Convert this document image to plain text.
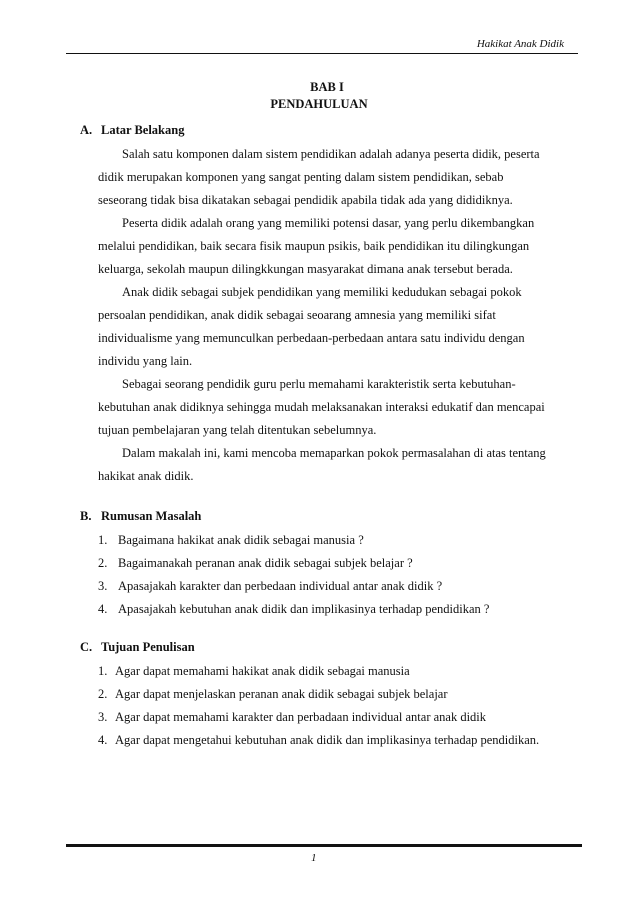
Hakikat Anak Didik
BAB I
PENDAHULUAN
A. Latar Belakang
Salah satu komponen dalam sistem pendidikan adalah adanya peserta didik, peserta
didik merupakan komponen yang sangat penting dalam sistem pendidikan, sebab
seseorang tidak bisa dikatakan sebagai pendidik apabila tidak ada yang dididiknya.
Peserta didik adalah orang yang memiliki potensi dasar, yang perlu dikembangkan
melalui pendidikan, baik secara fisik maupun psikis, baik pendidikan itu dilingkungan
keluarga, sekolah maupun dilingkkungan masyarakat dimana anak tersebut berada.
Anak didik sebagai subjek pendidikan yang memiliki kedudukan sebagai pokok
persoalan pendidikan, anak didik sebagai seoarang amnesia yang memiliki sifat
individualisme yang memunculkan perbedaan-perbedaan antara satu individu dengan
individu yang lain.
Sebagai seorang pendidik guru perlu memahami karakteristik serta kebutuhan-
kebutuhan anak didiknya sehingga mudah melaksanakan interaksi edukatif dan mencapai
tujuan pembelajaran yang telah ditentukan sebelumnya.
Dalam makalah ini, kami mencoba memaparkan pokok permasalahan di atas tentang
hakikat anak didik.
B. Rumusan Masalah
1. Bagaimana hakikat anak didik sebagai manusia ?
2. Bagaimanakah peranan anak didik sebagai subjek belajar ?
3. Apasajakah karakter dan perbedaan individual antar anak didik ?
4. Apasajakah kebutuhan anak didik dan implikasinya terhadap pendidikan ?
C. Tujuan Penulisan
1. Agar dapat memahami hakikat anak didik sebagai manusia
2. Agar dapat menjelaskan peranan anak didik sebagai subjek belajar
3. Agar dapat memahami karakter dan perbadaan individual antar anak didik
4. Agar dapat mengetahui kebutuhan anak didik dan implikasinya terhadap pendidikan.
1
